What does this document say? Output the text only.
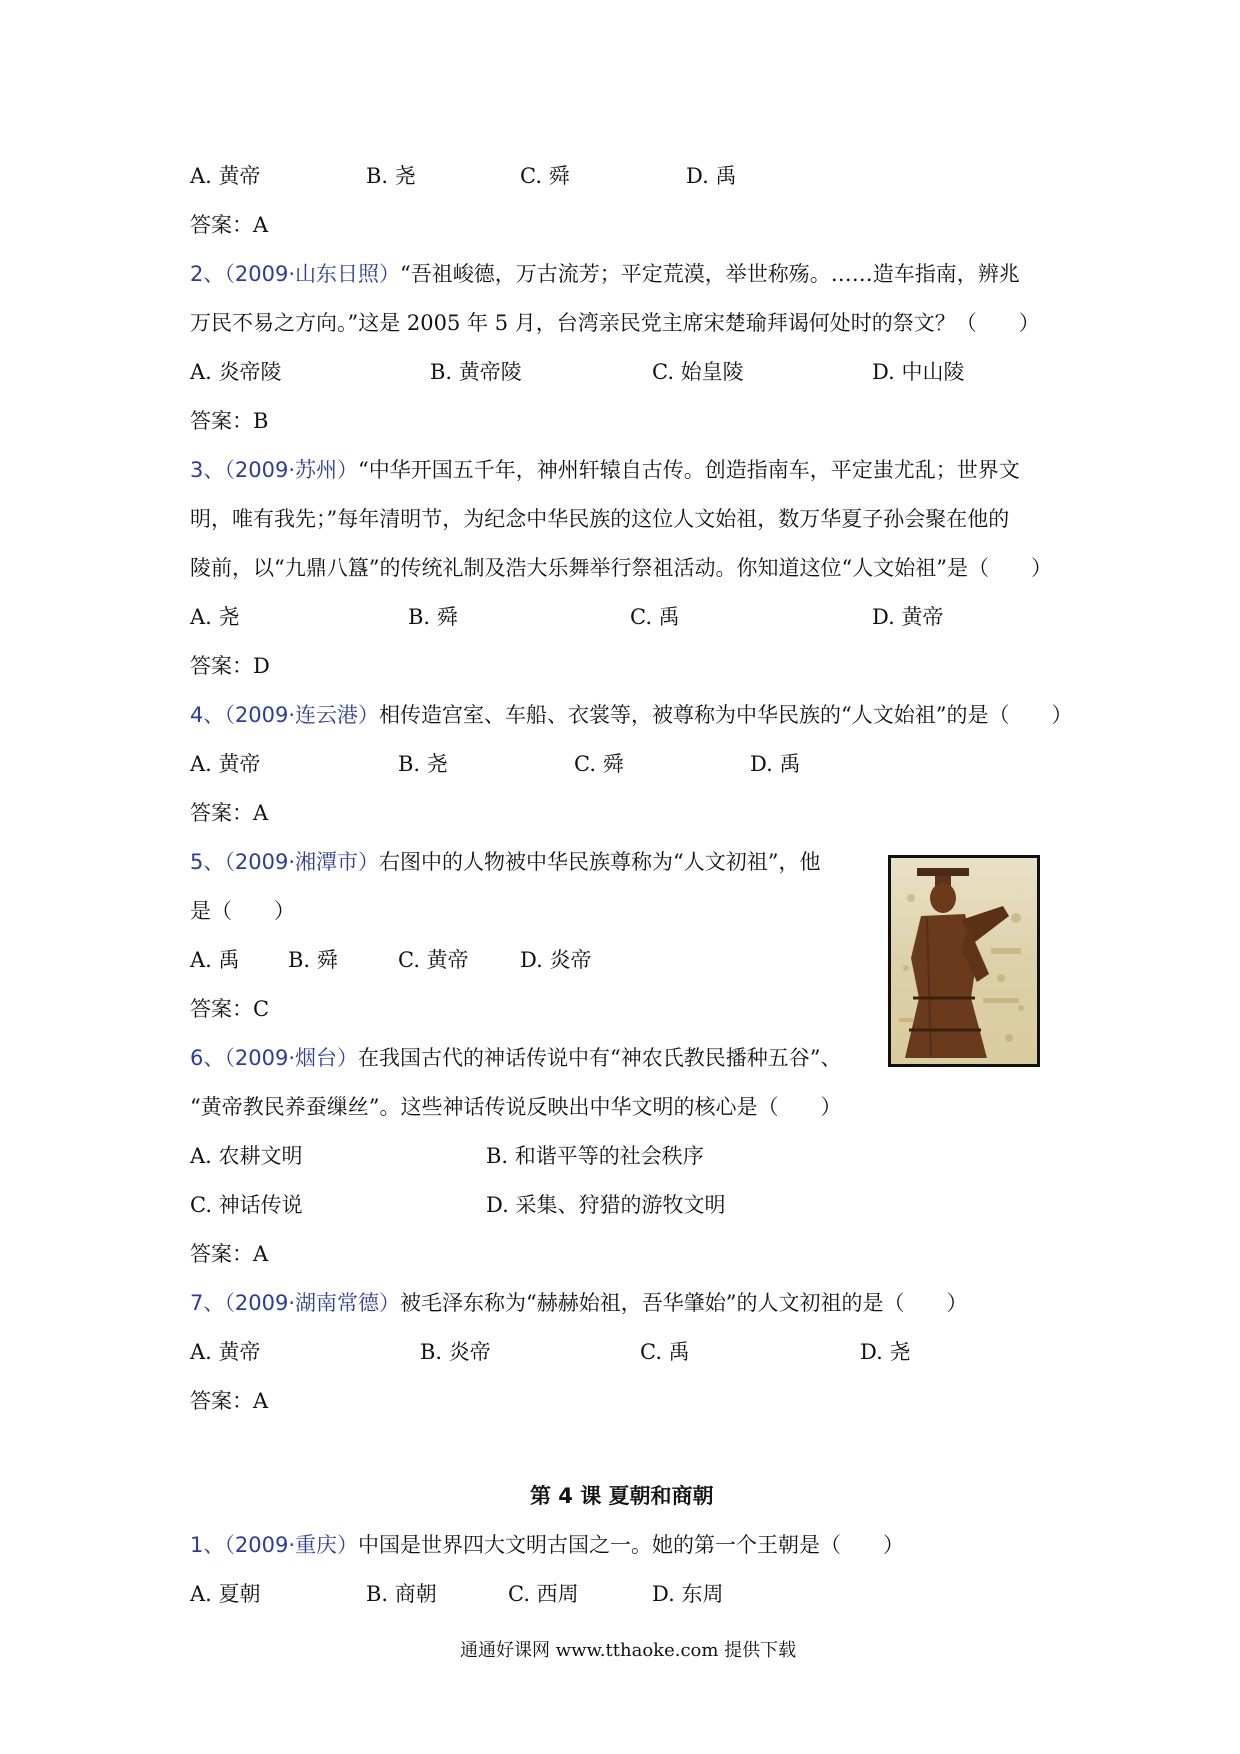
A. 黄帝	B. 尧	C. 舜	D. 禹
答案：A
2、（2009·山东日照）“吾祖峻德，万古流芳；平定荒漠，举世称殇。……造车指南，辨兆
万民不易之方向。”这是 2005 年 5 月，台湾亲民党主席宋楚瑜拜谒何处时的祭文？（　　）
A. 炎帝陵	B. 黄帝陵	C. 始皇陵	D. 中山陵
答案：B
3、（2009·苏州）“中华开国五千年，神州轩辕自古传。创造指南车，平定蚩尤乱；世界文
明，唯有我先；”每年清明节，为纪念中华民族的这位人文始祖，数万华夏子孙会聚在他的
陵前，以“九鼎八簋”的传统礼制及浩大乐舞举行祭祖活动。你知道这位“人文始祖”是（　　）
A. 尧	B. 舜	C. 禹	D. 黄帝
答案：D
4、（2009·连云港）相传造宫室、车船、衣裳等，被尊称为中华民族的“人文始祖”的是（　　）
A. 黄帝	B. 尧	C. 舜	D. 禹
答案：A
5、（2009·湘潭市）右图中的人物被中华民族尊称为“人文初祖”，他
是（　　）
A. 禹 B. 舜	C. 黄帝 D. 炎帝
答案：C
6、（2009·烟台）在我国古代的神话传说中有“神农氏教民播种五谷”、
“黄帝教民养蚕缫丝”。这些神话传说反映出中华文明的核心是（　　）
A. 农耕文明	B. 和谐平等的社会秩序
C. 神话传说	D. 采集、狩猎的游牧文明
答案：A
7、（2009·湖南常德）被毛泽东称为“赫赫始祖，吾华肇始”的人文初祖的是（　　）
A. 黄帝	B. 炎帝	C. 禹	D. 尧
答案：A
第 4 课 夏朝和商朝
1、（2009·重庆）中国是世界四大文明古国之一。她的第一个王朝是（　　）
A. 夏朝	B. 商朝	C. 西周	D. 东周
通通好课网 www.tthaoke.com 提供下载
